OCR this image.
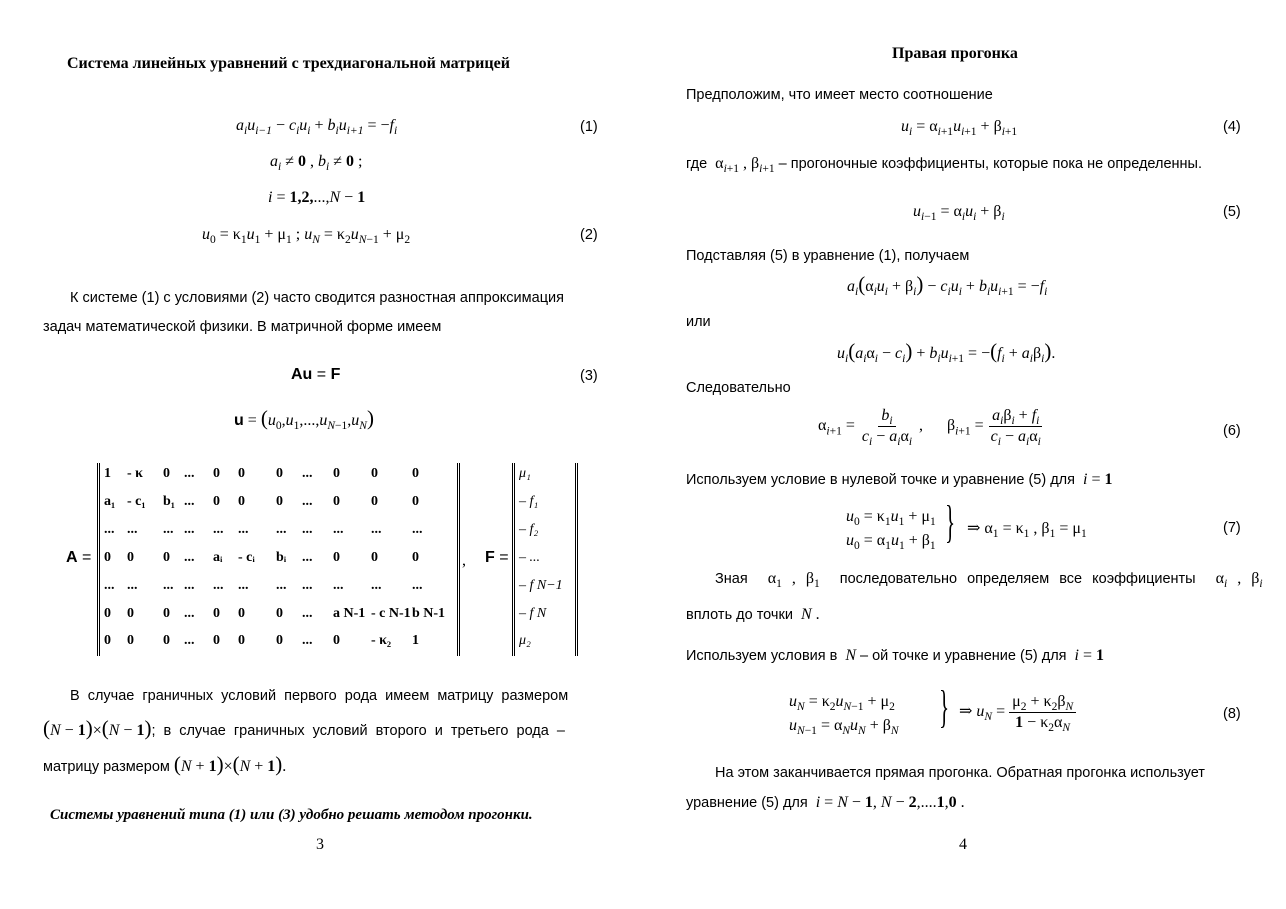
Система линейных уравнений с трехдиагональной матрицей
$a_iu_{i-1} - c_iu_i + b_iu_{i+1} = -f_i$	(1)
$a_i \ne 0$ , $b_i \ne 0$ ;
i = 1,2,...,N − 1
$u_0 = \kappa_1u_1 + \mu_1$ ; $u_N = \kappa_2u_{N-1} + \mu_2$	(2)
К системе (1) с условиями (2) часто сводится разностная аппроксимация
задач математической физики. В матричной форме имеем
Au = F	(3)
$u = (u_0,u_1,...,u_{N-1},u_N)$
A =	, F =
В случае граничных условий первого рода имеем матрицу размером
(N − 1)×(N − 1); в случае граничных условий второго и третьего рода –
матрицу размером (N + 1)×(N + 1).
Системы уравнений типа (1) или (3) удобно решать методом прогонки.
3
1 - κ 0 ... 0 0 0 ... 0 0 0
a₁ - c₁ b₁ ... 0 0 0 ... 0 0 0
... ... ... ... ... ... ... ... ... ... ...
0 0 0 ... aᵢ - cᵢ bᵢ ... 0 0 0
... ... ... ... ... ... ... ... ... ... ...
0 0 0 ... 0 0 0 ... a N-1 - c N-1 b N-1
0 0 0 ... 0 0 0 ... 0 - κ₂ 1
μ₁
– f₁
– f₂
– ...
– f N−1
– f N
μ₂
Правая прогонка
Предположим, что имеет место соотношение
$u_i = \alpha_{i+1}u_{i+1} + \beta_{i+1}$	(4)
где  $\alpha_{i+1}$ , $\beta_{i+1}$ – прогоночные коэффициенты, которые пока не определенны.
$u_{i-1} = \alpha_iu_i + \beta_i$	(5)
Подставляя (5) в уравнение (1), получаем
$a_i(\alpha_iu_i + \beta_i) - c_iu_i + b_iu_{i+1} = -f_i$
или
$u_i(a_i\alpha_i - c_i) + b_iu_{i+1} = -(f_i + a_i\beta_i)$.
Следовательно
$\alpha_{i+1} = \frac{b_i}{c_i - a_i\alpha_i}$ ,      $\beta_{i+1} = \frac{a_i\beta_i + f_i}{c_i - a_i\alpha_i}$	(6)
Используем условие в нулевой точке и уравнение (5) для i = 1
$u_0 = \kappa_1u_1 + \mu_1$
$u_0 = \alpha_1u_1 + \beta_1$ } ⇒ $\alpha_1 = \kappa_1$ , $\beta_1 = \mu_1$	(7)
Зная  $\alpha_1$ , $\beta_1$ последовательно определяем все коэффициенты  $\alpha_i$ , $\beta_i$
вплоть до точки N .
Используем условия в N – ой точке и уравнение (5) для i = 1
$u_N = \kappa_2u_{N-1} + \mu_2$
$u_{N-1} = \alpha_Nu_N + \beta_N$ } ⇒ $u_N = \frac{\mu_2 + \kappa_2\beta_N}{1 - \kappa_2\alpha_N}$	(8)
На этом заканчивается прямая прогонка. Обратная прогонка использует
уравнение (5) для i = N − 1, N − 2,....1,0 .
4
